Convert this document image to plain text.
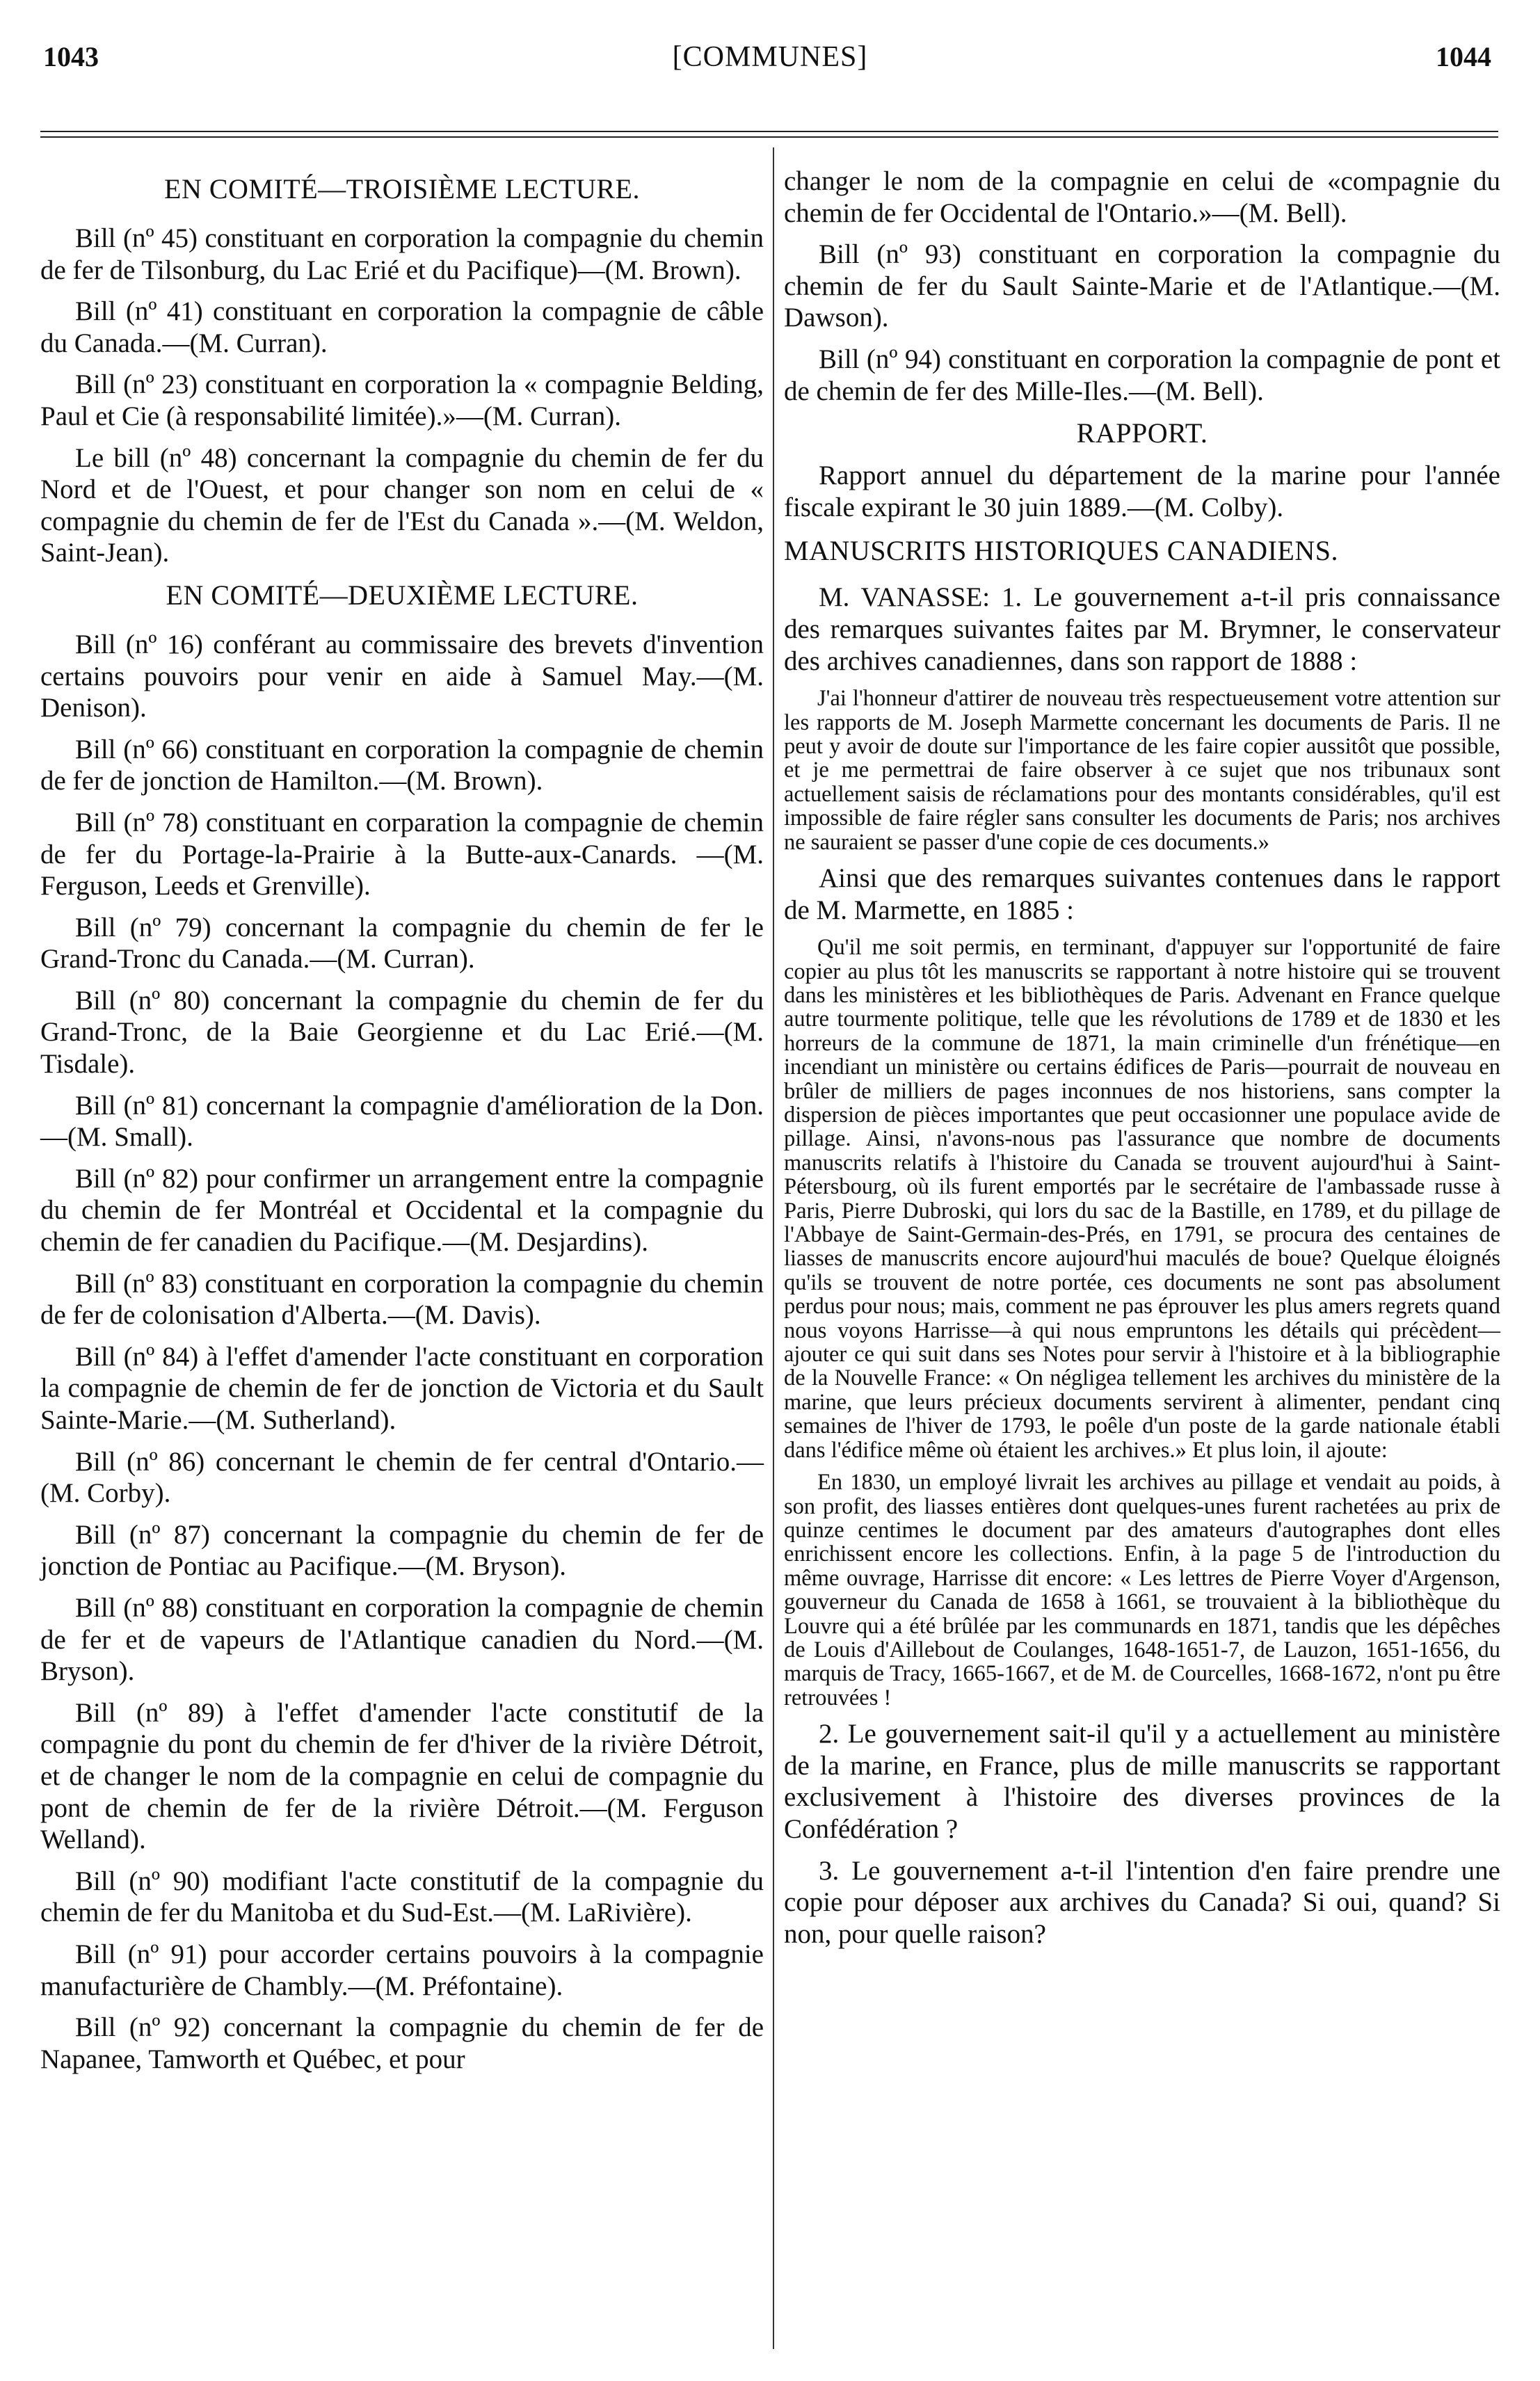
1043	[COMMUNES]	1044
EN COMITÉ—TROISIÈME LECTURE.

Bill (nº 45) constituant en corporation la compagnie du chemin de fer de Tilsonburg, du Lac Erié et du Pacifique)—(M. Brown).

Bill (nº 41) constituant en corporation la compagnie de câble du Canada.—(M. Curran).

Bill (nº 23) constituant en corporation la « compagnie Belding, Paul et Cie (à responsabilité limitée).»—(M. Curran).

Le bill (nº 48) concernant la compagnie du chemin de fer du Nord et de l'Ouest, et pour changer son nom en celui de « compagnie du chemin de fer de l'Est du Canada ».—(M. Weldon, Saint-Jean).

EN COMITÉ—DEUXIÈME LECTURE.

Bill (nº 16) conférant au commissaire des brevets d'invention certains pouvoirs pour venir en aide à Samuel May.—(M. Denison).

Bill (nº 66) constituant en corporation la compagnie de chemin de fer de jonction de Hamilton.—(M. Brown).

Bill (nº 78) constituant en corparation la compagnie de chemin de fer du Portage-la-Prairie à la Butte-aux-Canards. —(M. Ferguson, Leeds et Grenville).

Bill (nº 79) concernant la compagnie du chemin de fer le Grand-Tronc du Canada.—(M. Curran).

Bill (nº 80) concernant la compagnie du chemin de fer du Grand-Tronc, de la Baie Georgienne et du Lac Erié.—(M. Tisdale).

Bill (nº 81) concernant la compagnie d'amélioration de la Don.—(M. Small).

Bill (nº 82) pour confirmer un arrangement entre la compagnie du chemin de fer Montréal et Occidental et la compagnie du chemin de fer canadien du Pacifique.—(M. Desjardins).

Bill (nº 83) constituant en corporation la compagnie du chemin de fer de colonisation d'Alberta.—(M. Davis).

Bill (nº 84) à l'effet d'amender l'acte constituant en corporation la compagnie de chemin de fer de jonction de Victoria et du Sault Sainte-Marie.—(M. Sutherland).

Bill (nº 86) concernant le chemin de fer central d'Ontario.—(M. Corby).

Bill (nº 87) concernant la compagnie du chemin de fer de jonction de Pontiac au Pacifique.—(M. Bryson).

Bill (nº 88) constituant en corporation la compagnie de chemin de fer et de vapeurs de l'Atlantique canadien du Nord.—(M. Bryson).

Bill (nº 89) à l'effet d'amender l'acte constitutif de la compagnie du pont du chemin de fer d'hiver de la rivière Détroit, et de changer le nom de la compagnie en celui de compagnie du pont de chemin de fer de la rivière Détroit.—(M. Ferguson Welland).

Bill (nº 90) modifiant l'acte constitutif de la compagnie du chemin de fer du Manitoba et du Sud-Est.—(M. LaRivière).

Bill (nº 91) pour accorder certains pouvoirs à la compagnie manufacturière de Chambly.—(M. Préfontaine).

Bill (nº 92) concernant la compagnie du chemin de fer de Napanee, Tamworth et Québec, et pour

changer le nom de la compagnie en celui de «compagnie du chemin de fer Occidental de l'Ontario.»—(M. Bell).

Bill (nº 93) constituant en corporation la compagnie du chemin de fer du Sault Sainte-Marie et de l'Atlantique.—(M. Dawson).

Bill (nº 94) constituant en corporation la compagnie de pont et de chemin de fer des Mille-Iles.—(M. Bell).

RAPPORT.

Rapport annuel du département de la marine pour l'année fiscale expirant le 30 juin 1889.—(M. Colby).

MANUSCRITS HISTORIQUES CANADIENS.

M. VANASSE: 1. Le gouvernement a-t-il pris connaissance des remarques suivantes faites par M. Brymner, le conservateur des archives canadiennes, dans son rapport de 1888 :

J'ai l'honneur d'attirer de nouveau très respectueusement votre attention sur les rapports de M. Joseph Marmette concernant les documents de Paris. Il ne peut y avoir de doute sur l'importance de les faire copier aussitôt que possible, et je me permettrai de faire observer à ce sujet que nos tribunaux sont actuellement saisis de réclamations pour des montants considérables, qu'il est impossible de faire régler sans consulter les documents de Paris; nos archives ne sauraient se passer d'une copie de ces documents.»

Ainsi que des remarques suivantes contenues dans le rapport de M. Marmette, en 1885 :

Qu'il me soit permis, en terminant, d'appuyer sur l'opportunité de faire copier au plus tôt les manuscrits se rapportant à notre histoire qui se trouvent dans les ministères et les bibliothèques de Paris. Advenant en France quelque autre tourmente politique, telle que les révolutions de 1789 et de 1830 et les horreurs de la commune de 1871, la main criminelle d'un frénétique—en incendiant un ministère ou certains édifices de Paris—pourrait de nouveau en brûler de milliers de pages inconnues de nos historiens, sans compter la dispersion de pièces importantes que peut occasionner une populace avide de pillage. Ainsi, n'avons-nous pas l'assurance que nombre de documents manuscrits relatifs à l'histoire du Canada se trouvent aujourd'hui à Saint-Pétersbourg, où ils furent emportés par le secrétaire de l'ambassade russe à Paris, Pierre Dubroski, qui lors du sac de la Bastille, en 1789, et du pillage de l'Abbaye de Saint-Germain-des-Prés, en 1791, se procura des centaines de liasses de manuscrits encore aujourd'hui maculés de boue? Quelque éloignés qu'ils se trouvent de notre portée, ces documents ne sont pas absolument perdus pour nous; mais, comment ne pas éprouver les plus amers regrets quand nous voyons Harrisse—à qui nous empruntons les détails qui précèdent—ajouter ce qui suit dans ses Notes pour servir à l'histoire et à la bibliographie de la Nouvelle France: « On négligea tellement les archives du ministère de la marine, que leurs précieux documents servirent à alimenter, pendant cinq semaines de l'hiver de 1793, le poêle d'un poste de la garde nationale établi dans l'édifice même où étaient les archives.» Et plus loin, il ajoute:

En 1830, un employé livrait les archives au pillage et vendait au poids, à son profit, des liasses entières dont quelques-unes furent rachetées au prix de quinze centimes le document par des amateurs d'autographes dont elles enrichissent encore les collections. Enfin, à la page 5 de l'introduction du même ouvrage, Harrisse dit encore: « Les lettres de Pierre Voyer d'Argenson, gouverneur du Canada de 1658 à 1661, se trouvaient à la bibliothèque du Louvre qui a été brûlée par les communards en 1871, tandis que les dépêches de Louis d'Aillebout de Coulanges, 1648-1651-7, de Lauzon, 1651-1656, du marquis de Tracy, 1665-1667, et de M. de Courcelles, 1668-1672, n'ont pu être retrouvées !

2. Le gouvernement sait-il qu'il y a actuellement au ministère de la marine, en France, plus de mille manuscrits se rapportant exclusivement à l'histoire des diverses provinces de la Confédération ?

3. Le gouvernement a-t-il l'intention d'en faire prendre une copie pour déposer aux archives du Canada? Si oui, quand? Si non, pour quelle raison?
